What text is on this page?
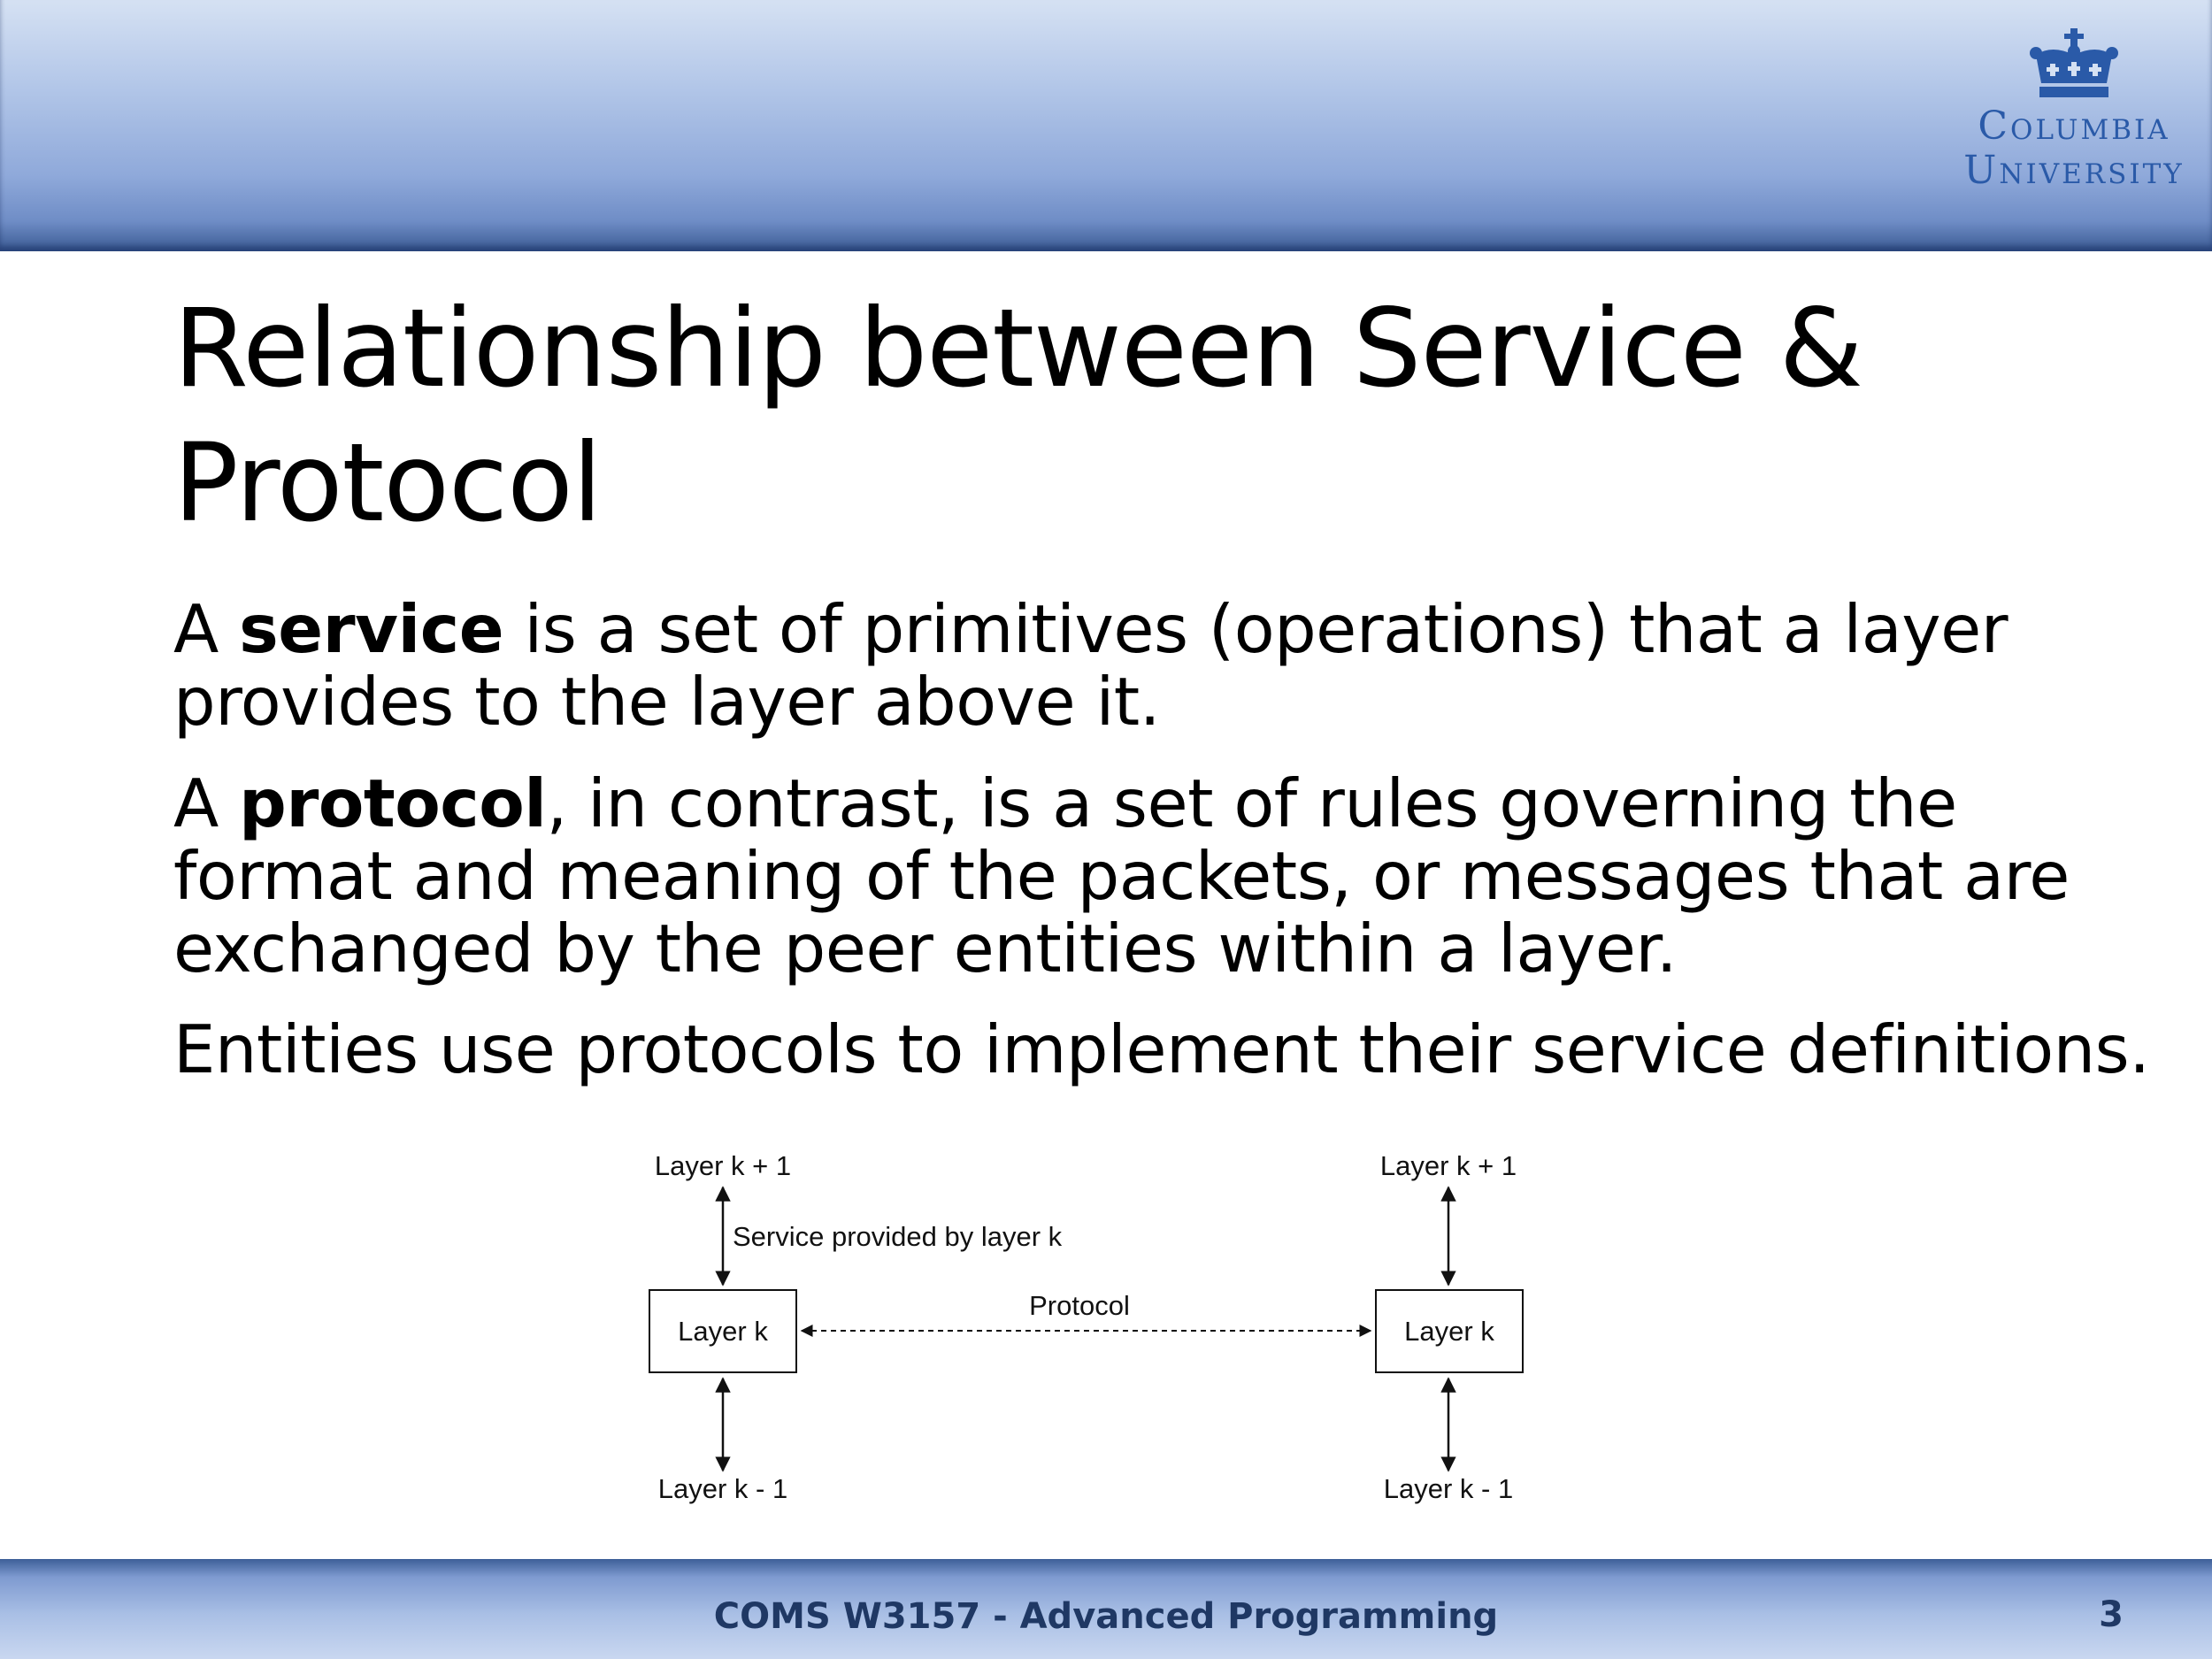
Columbia
University
Relationship between Service & Protocol

A service is a set of primitives (operations) that a layer provides to the layer above it.

A protocol, in contrast, is a set of rules governing the format and meaning of the packets, or messages that are exchanged by the peer entities within a layer.

Entities use protocols to implement their service definitions.

Layer k + 1	Layer k + 1
Service provided by layer k
Layer k	Layer k
Protocol
Layer k - 1	Layer k - 1
COMS W3157 - Advanced Programming	3
